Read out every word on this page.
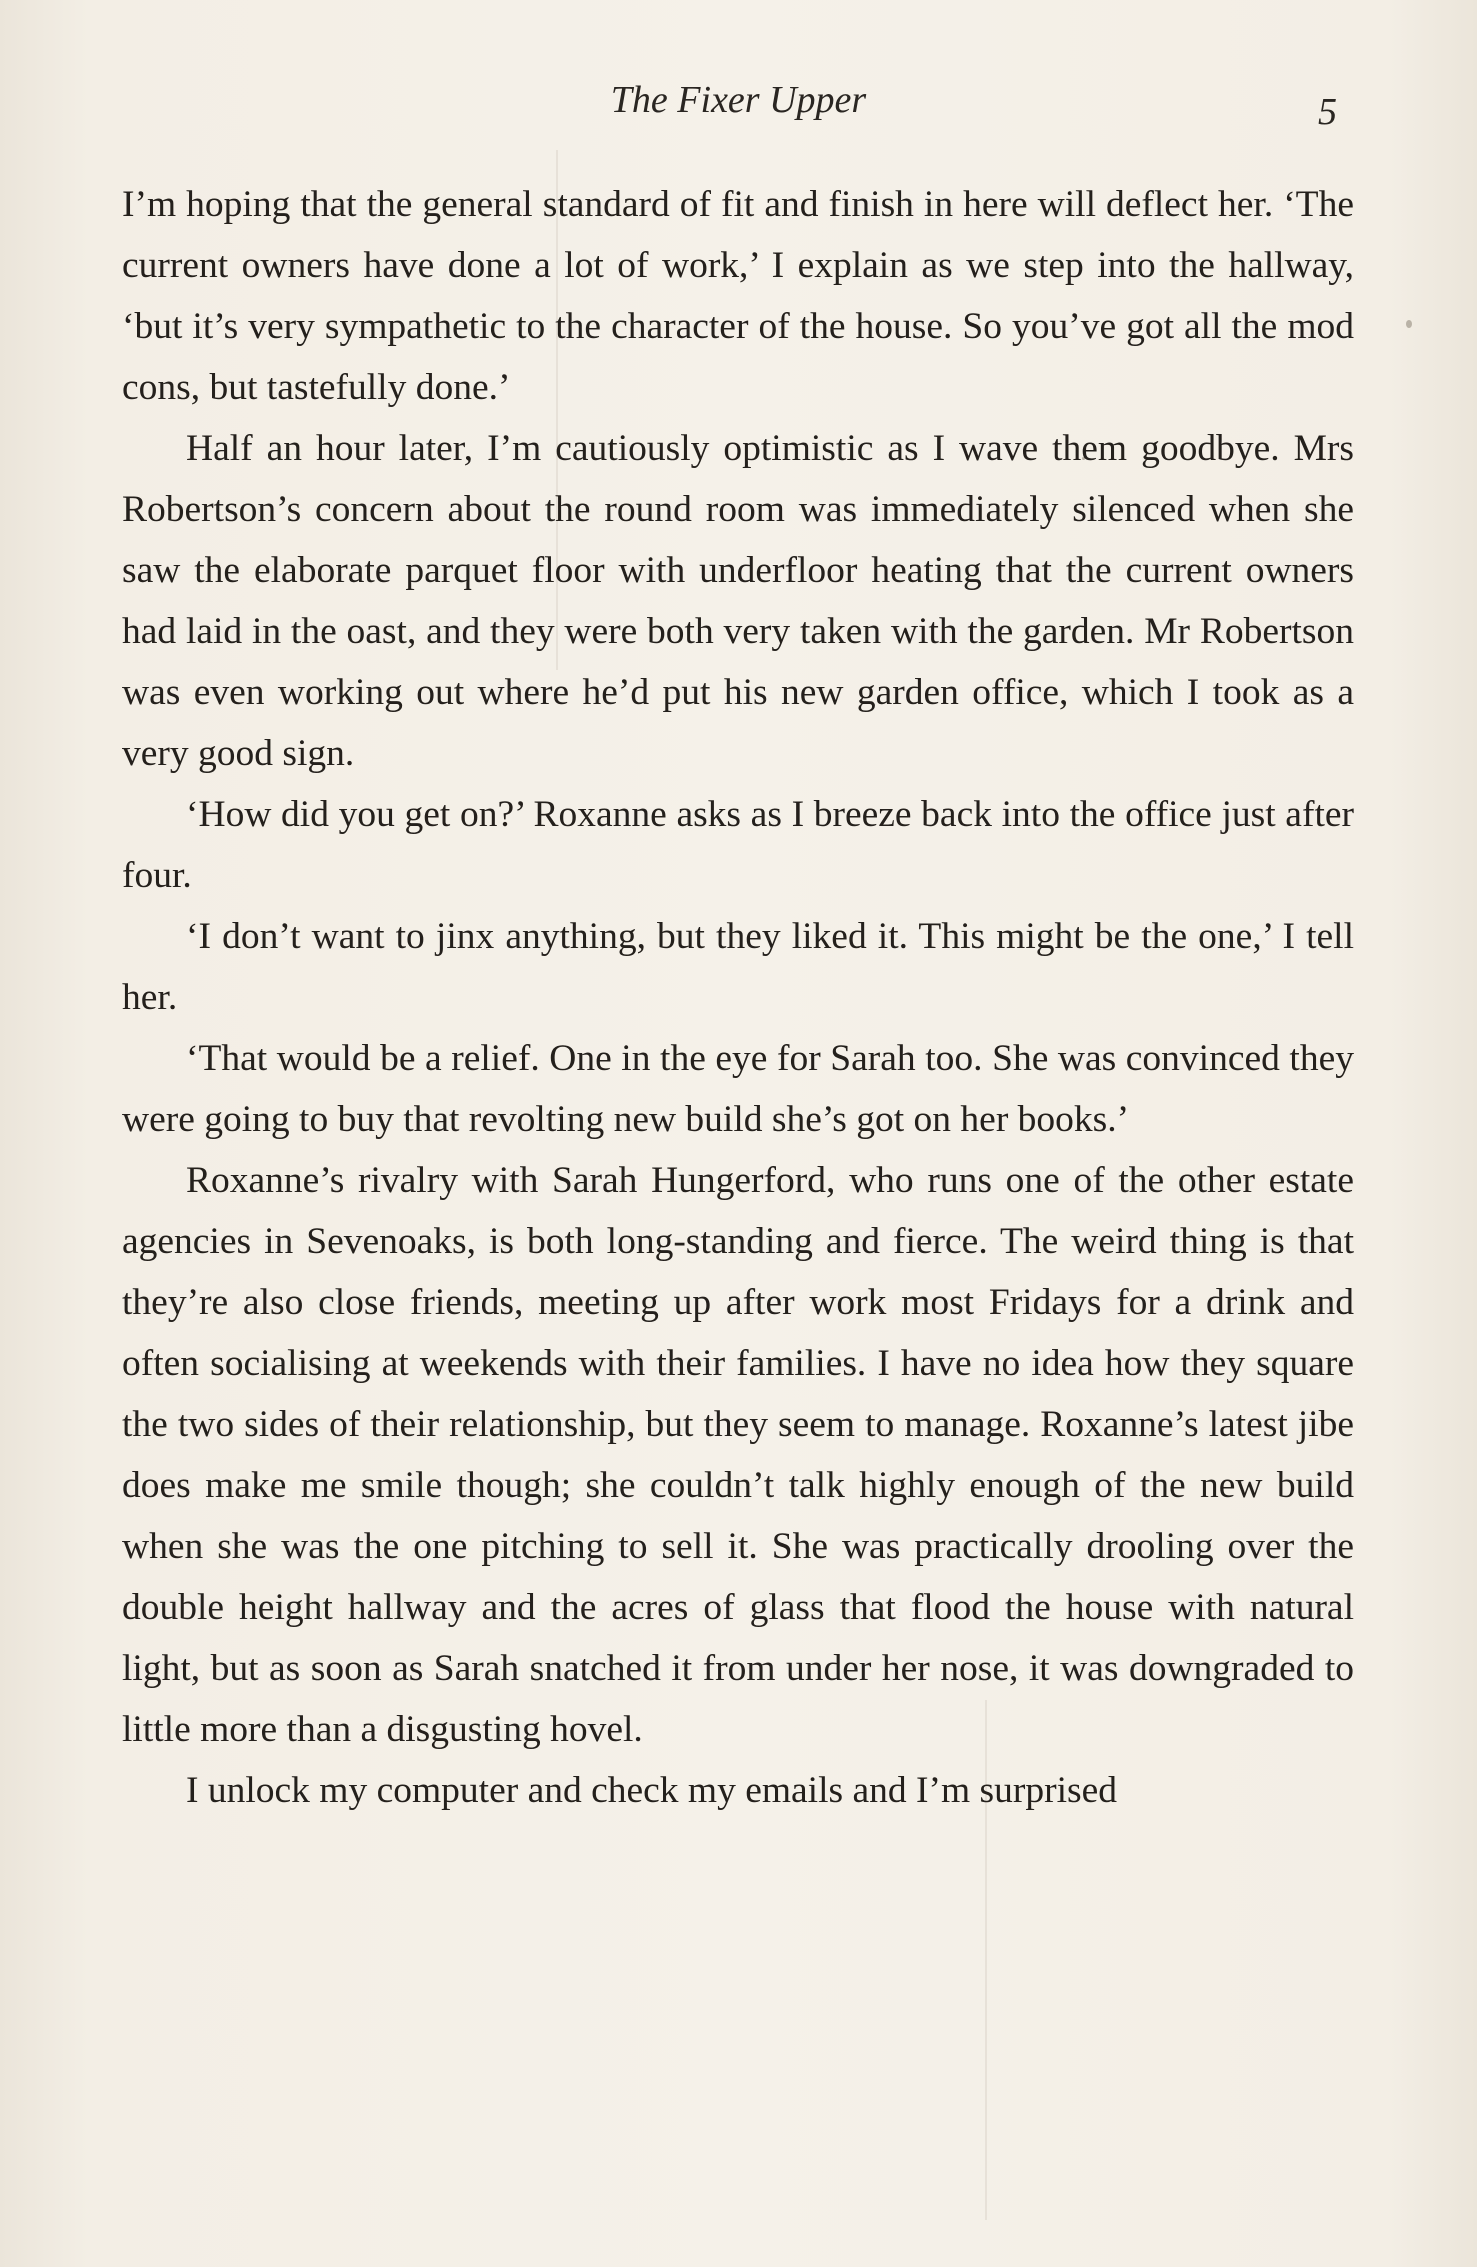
The Fixer Upper	5

I’m hoping that the general standard of fit and finish in here will deflect her. ‘The current owners have done a lot of work,’ I explain as we step into the hallway, ‘but it’s very sympathetic to the character of the house. So you’ve got all the mod cons, but tastefully done.’

Half an hour later, I’m cautiously optimistic as I wave them goodbye. Mrs Robertson’s concern about the round room was immediately silenced when she saw the elaborate parquet floor with underfloor heating that the current owners had laid in the oast, and they were both very taken with the garden. Mr Robertson was even working out where he’d put his new garden office, which I took as a very good sign.

‘How did you get on?’ Roxanne asks as I breeze back into the office just after four.

‘I don’t want to jinx anything, but they liked it. This might be the one,’ I tell her.

‘That would be a relief. One in the eye for Sarah too. She was convinced they were going to buy that revolting new build she’s got on her books.’

Roxanne’s rivalry with Sarah Hungerford, who runs one of the other estate agencies in Sevenoaks, is both long-standing and fierce. The weird thing is that they’re also close friends, meeting up after work most Fridays for a drink and often socialising at weekends with their families. I have no idea how they square the two sides of their relationship, but they seem to manage. Roxanne’s latest jibe does make me smile though; she couldn’t talk highly enough of the new build when she was the one pitching to sell it. She was practically drooling over the double height hallway and the acres of glass that flood the house with natural light, but as soon as Sarah snatched it from under her nose, it was downgraded to little more than a disgusting hovel.

I unlock my computer and check my emails and I’m surprised
